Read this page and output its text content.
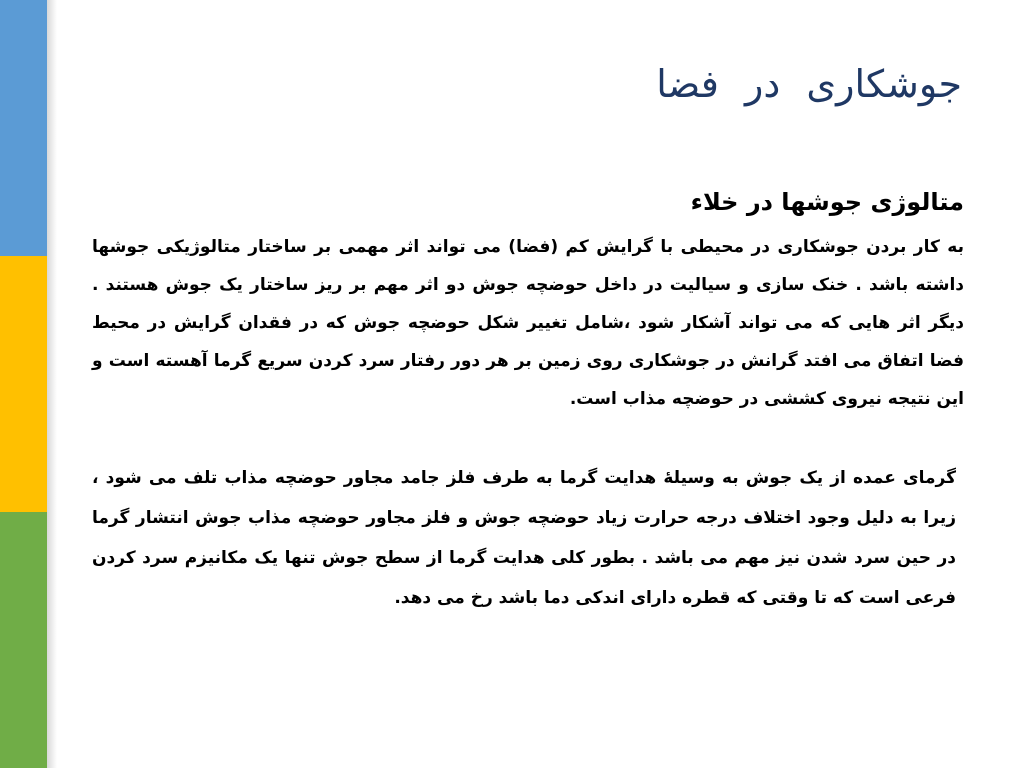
جوشکاری در فضا
متالوژی جوشها در خلاء

به کار بردن جوشکاری در محیطی با گرایش کم (فضا) می تواند اثر مهمی بر ساختار متالوژیکی جوشها داشته باشد . خنک سازی و سیالیت در داخل حوضچه جوش دو اثر مهم بر ریز ساختار یک جوش هستند . دیگر اثر هایی که می تواند آشکار شود ،شامل تغییر شکل حوضچه جوش که در فقدان گرایش در محیط فضا اتفاق می افتد گرانش در جوشکاری روی زمین بر هر دور رفتار سرد کردن سریع گرما آهسته است و این نتیجه نیروی کششی در حوضچه مذاب است.

گرمای عمده از یک جوش به وسیلۀ هدایت گرما به طرف فلز جامد مجاور حوضچه مذاب تلف می شود ، زیرا به دلیل وجود اختلاف درجه حرارت زیاد حوضچه جوش و فلز مجاور حوضچه مذاب جوش انتشار گرما در حین سرد شدن نیز مهم می باشد . بطور کلی هدایت گرما از سطح جوش تنها یک مکانیزم سرد کردن فرعی است که تا وقتی که قطره دارای اندکی دما باشد رخ می دهد.
